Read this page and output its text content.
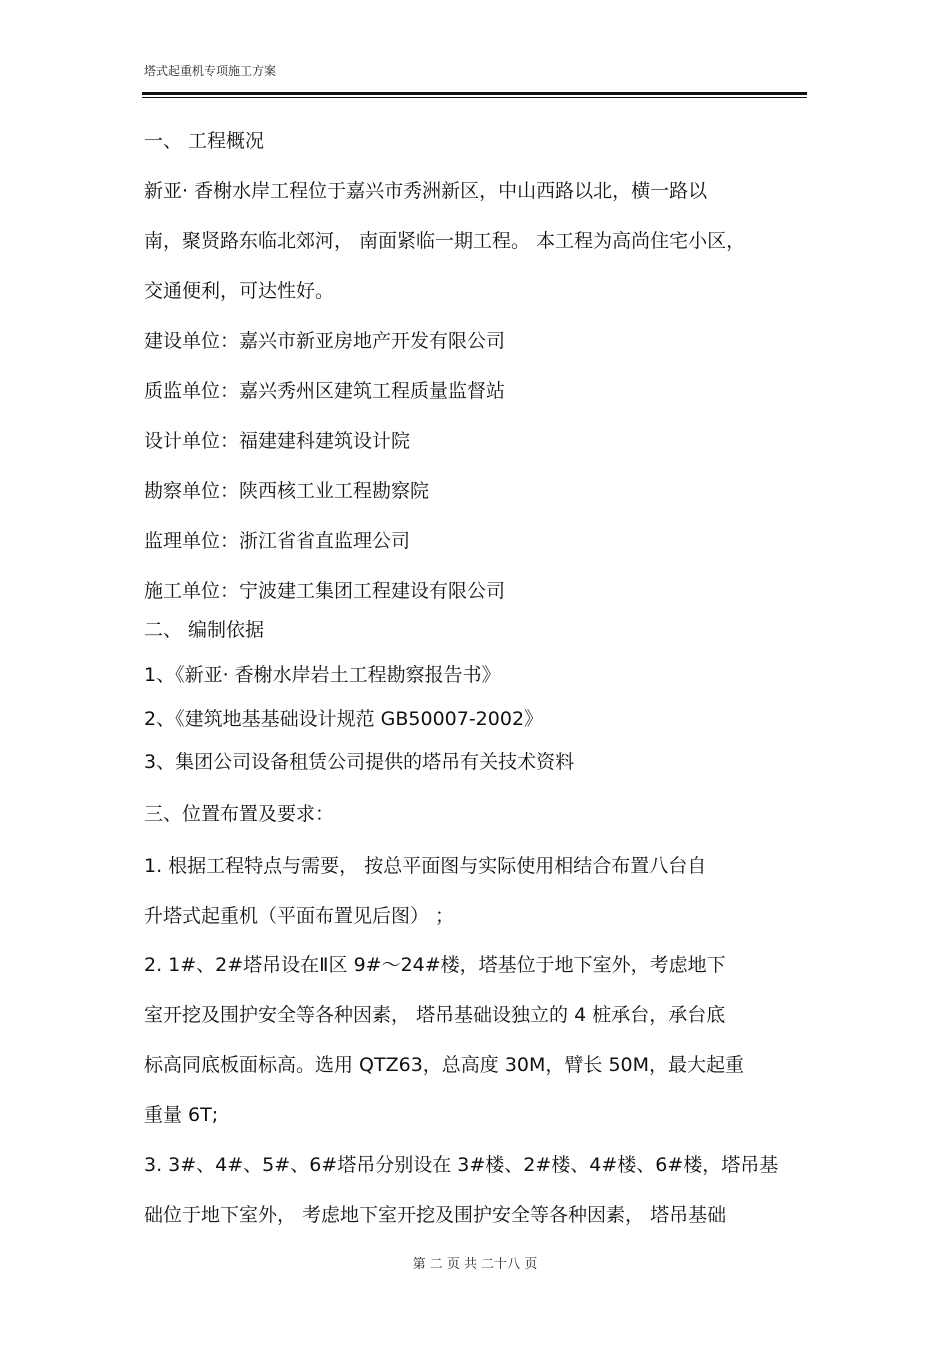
塔式起重机专项施工方案
一、 工程概况
新亚· 香榭水岸工程位于嘉兴市秀洲新区，中山西路以北，横一路以
南，聚贤路东临北郊河， 南面紧临一期工程。 本工程为高尚住宅小区，
交通便利，可达性好。
建设单位：嘉兴市新亚房地产开发有限公司
质监单位：嘉兴秀州区建筑工程质量监督站
设计单位：福建建科建筑设计院
勘察单位：陕西核工业工程勘察院
监理单位：浙江省省直监理公司
施工单位：宁波建工集团工程建设有限公司
二、 编制依据
1、《新亚· 香榭水岸岩土工程勘察报告书》
2、《建筑地基基础设计规范 GB50007-2002》
3、集团公司设备租赁公司提供的塔吊有关技术资料
三、位置布置及要求：
1. 根据工程特点与需要， 按总平面图与实际使用相结合布置八台自
升塔式起重机（平面布置见后图） ；
2. 1#、2#塔吊设在Ⅱ区 9#～24#楼，塔基位于地下室外，考虑地下
室开挖及围护安全等各种因素， 塔吊基础设独立的 4 桩承台，承台底
标高同底板面标高。选用 QTZ63，总高度 30M，臂长 50M，最大起重
重量 6T;
3. 3#、4#、5#、6#塔吊分别设在 3#楼、2#楼、4#楼、6#楼，塔吊基
础位于地下室外， 考虑地下室开挖及围护安全等各种因素， 塔吊基础
第 二 页 共 二十八 页
